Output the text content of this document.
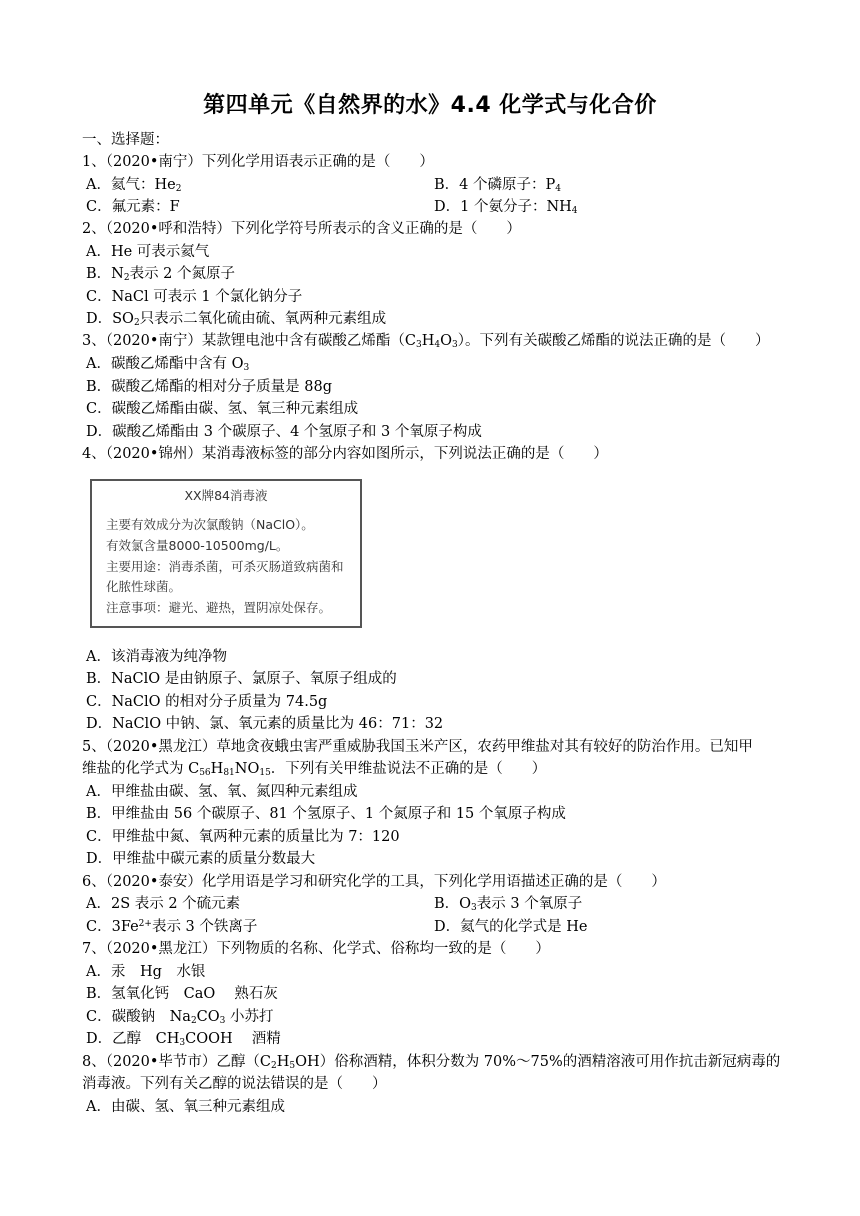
第四单元《自然界的水》4.4 化学式与化合价
一、选择题：
1、（2020•南宁）下列化学用语表示正确的是（　　）
A．氦气：$He_2$	B．4 个磷原子：$P_4$
C．氟元素：F	D．1 个氨分子：$NH_4$
2、（2020•呼和浩特）下列化学符号所表示的含义正确的是（　　）
A．He 可表示氦气
B．$N_2$表示 2 个氮原子
C．NaCl 可表示 1 个氯化钠分子
D．$SO_2$只表示二氧化硫由硫、氧两种元素组成
3、（2020•南宁）某款锂电池中含有碳酸乙烯酯$(C_3H_4O_3)$。下列有关碳酸乙烯酯的说法正确的是（　　）
A．碳酸乙烯酯中含有 $O_3$
B．碳酸乙烯酯的相对分子质量是 88g
C．碳酸乙烯酯由碳、氢、氧三种元素组成
D．碳酸乙烯酯由 3 个碳原子、4 个氢原子和 3 个氧原子构成
4、（2020•锦州）某消毒液标签的部分内容如图所示，下列说法正确的是（　　）
XX牌84消毒液
主要有效成分为次氯酸钠（NaClO）。
有效氯含量8000-10500mg/L。
主要用途：消毒杀菌，可杀灭肠道致病菌和
化脓性球菌。
注意事项：避光、避热，置阴凉处保存。
A．该消毒液为纯净物
B．NaClO 是由钠原子、氯原子、氧原子组成的
C．NaClO 的相对分子质量为 74.5g
D．NaClO 中钠、氯、氧元素的质量比为 46：71：32
5、（2020•黑龙江）草地贪夜蛾虫害严重威胁我国玉米产区，农药甲维盐对其有较好的防治作用。已知甲
维盐的化学式为 $C_{56}H_{81}NO_{15}$．下列有关甲维盐说法不正确的是（　　）
A．甲维盐由碳、氢、氧、氮四种元素组成
B．甲维盐由 56 个碳原子、81 个氢原子、1 个氮原子和 15 个氧原子构成
C．甲维盐中氮、氧两种元素的质量比为 7：120
D．甲维盐中碳元素的质量分数最大
6、（2020•泰安）化学用语是学习和研究化学的工具，下列化学用语描述正确的是（　　）
A．2S 表示 2 个硫元素	B．$O_3$表示 3 个氧原子
C．$3Fe^{2+}$表示 3 个铁离子	D．氦气的化学式是 He
7、（2020•黑龙江）下列物质的名称、化学式、俗称均一致的是（　　）
A．汞　Hg　水银
B．氢氧化钙　CaO　 熟石灰
C．碳酸钠　$Na_2CO_3$ 小苏打
D．乙醇　$CH_3COOH$　 酒精
8、（2020•毕节市）乙醇$(C_2H_5OH)$俗称酒精，体积分数为 70%～75%的酒精溶液可用作抗击新冠病毒的
消毒液。下列有关乙醇的说法错误的是（　　）
A．由碳、氢、氧三种元素组成
